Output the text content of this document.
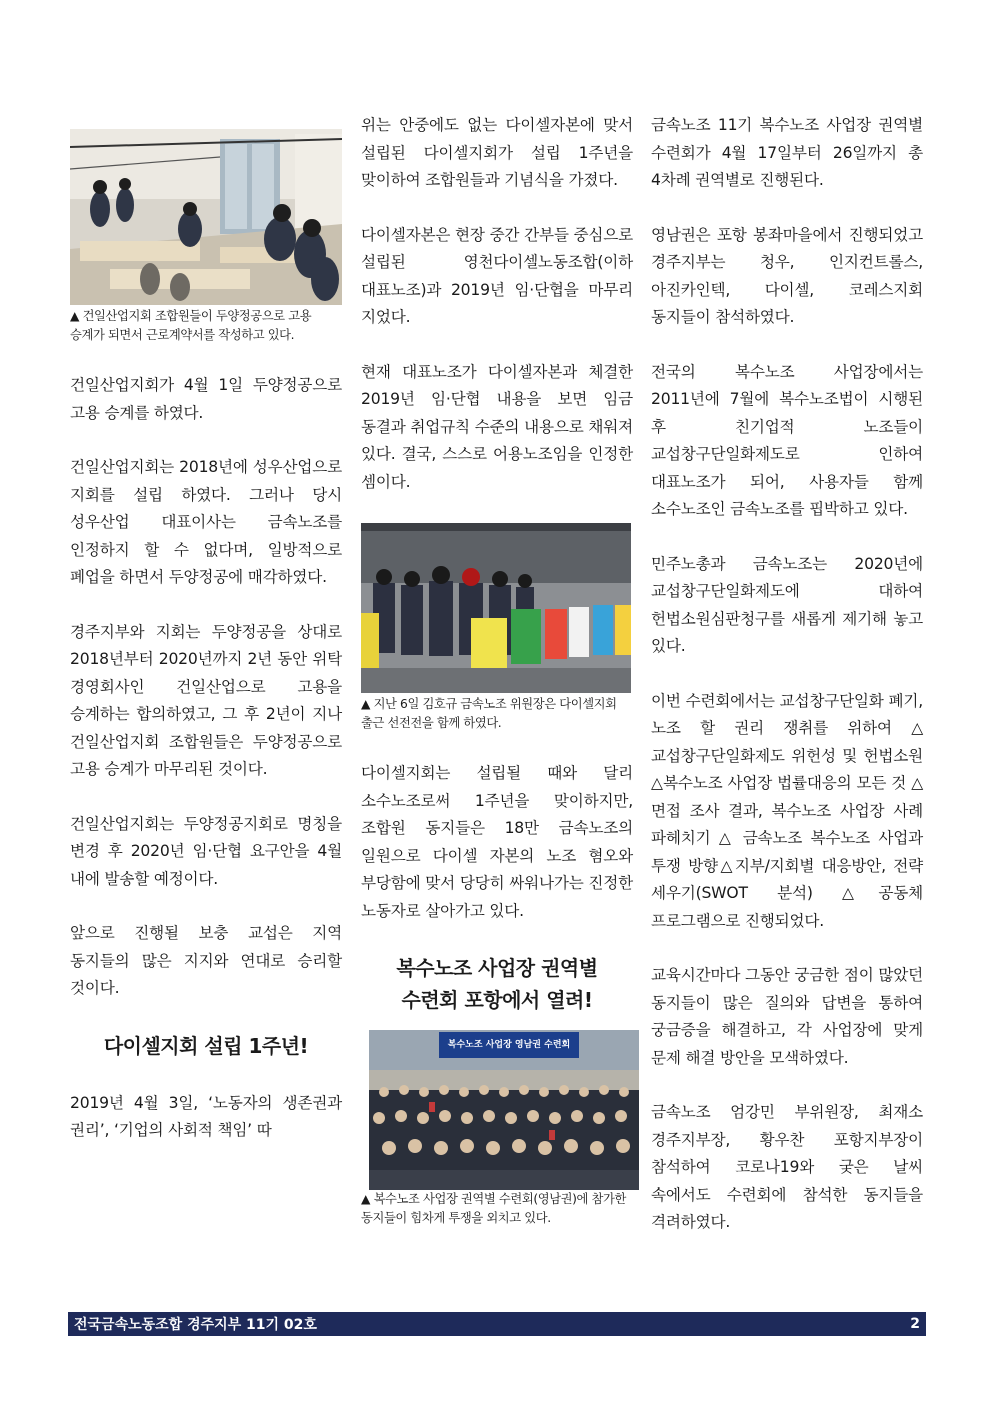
▲ 건일산업지회 조합원들이 두양정공으로 고용 승계가 되면서 근로계약서를 작성하고 있다.

건일산업지회가 4월 1일 두양정공으로 고용 승계를 하였다.

건일산업지회는 2018년에 성우산업으로 지회를 설립 하였다. 그러나 당시 성우산업 대표이사는 금속노조를 인정하지 할 수 없다며, 일방적으로 폐업을 하면서 두양정공에 매각하였다.

경주지부와 지회는 두양정공을 상대로 2018년부터 2020년까지 2년 동안 위탁 경영회사인 건일산업으로 고용을 승계하는 합의하였고, 그 후 2년이 지나 건일산업지회 조합원들은 두양정공으로 고용 승계가 마무리된 것이다.

건일산업지회는 두양정공지회로 명칭을 변경 후 2020년 임·단협 요구안을 4월 내에 발송할 예정이다.

앞으로 진행될 보충 교섭은 지역 동지들의 많은 지지와 연대로 승리할 것이다.

다이셀지회 설립 1주년!

2019년 4월 3일, ‘노동자의 생존권과 권리’, ‘기업의 사회적 책임’ 따

위는 안중에도 없는 다이셀자본에 맞서 설립된 다이셀지회가 설립 1주년을 맞이하여 조합원들과 기념식을 가졌다.

다이셀자본은 현장 중간 간부들 중심으로 설립된 영천다이셀노동조합(이하 대표노조)과 2019년 임·단협을 마무리 지었다.

현재 대표노조가 다이셀자본과 체결한 2019년 임·단협 내용을 보면 임금 동결과 취업규칙 수준의 내용으로 채워져 있다. 결국, 스스로 어용노조임을 인정한 셈이다.

▲ 지난 6일 김호규 금속노조 위원장은 다이셀지회 출근 선전전을 함께 하였다.

다이셀지회는 설립될 때와 달리 소수노조로써 1주년을 맞이하지만, 조합원 동지들은 18만 금속노조의 일원으로 다이셀 자본의 노조 혐오와 부당함에 맞서 당당히 싸워나가는 진정한 노동자로 살아가고 있다.

복수노조 사업장 권역별
수련회 포항에서 열려!
복수노조 사업장 영남권 수련회

▲ 복수노조 사업장 권역별 수련회(영남권)에 참가한 동지들이 힘차게 투쟁을 외치고 있다.

금속노조 11기 복수노조 사업장 권역별 수련회가 4월 17일부터 26일까지 총 4차례 권역별로 진행된다.

영남권은 포항 봉좌마을에서 진행되었고 경주지부는 청우, 인지컨트롤스, 아진카인텍, 다이셀, 코레스지회 동지들이 참석하였다.

전국의 복수노조 사업장에서는 2011년에 7월에 복수노조법이 시행된 후 친기업적 노조들이 교섭창구단일화제도로 인하여 대표노조가 되어, 사용자들 함께 소수노조인 금속노조를 핍박하고 있다.

민주노총과 금속노조는 2020년에 교섭창구단일화제도에 대하여 헌법소원심판청구를 새롭게 제기해 놓고 있다.

이번 수련회에서는 교섭창구단일화 폐기, 노조 할 권리 쟁취를 위하여 △교섭창구단일화제도 위헌성 및 헌법소원 △복수노조 사업장 법률대응의 모든 것 △면접 조사 결과, 복수노조 사업장 사례 파헤치기 △ 금속노조 복수노조 사업과 투쟁 방향△지부/지회별 대응방안, 전략 세우기(SWOT 분석) △공동체 프로그램으로 진행되었다.

교육시간마다 그동안 궁금한 점이 많았던 동지들이 많은 질의와 답변을 통하여 궁금증을 해결하고, 각 사업장에 맞게 문제 해결 방안을 모색하였다.

금속노조 엄강민 부위원장, 최재소 경주지부장, 황우찬 포항지부장이 참석하여 코로나19와 궂은 날씨 속에서도 수련회에 참석한 동지들을 격려하였다.

전국금속노동조합 경주지부 11기 02호	2
